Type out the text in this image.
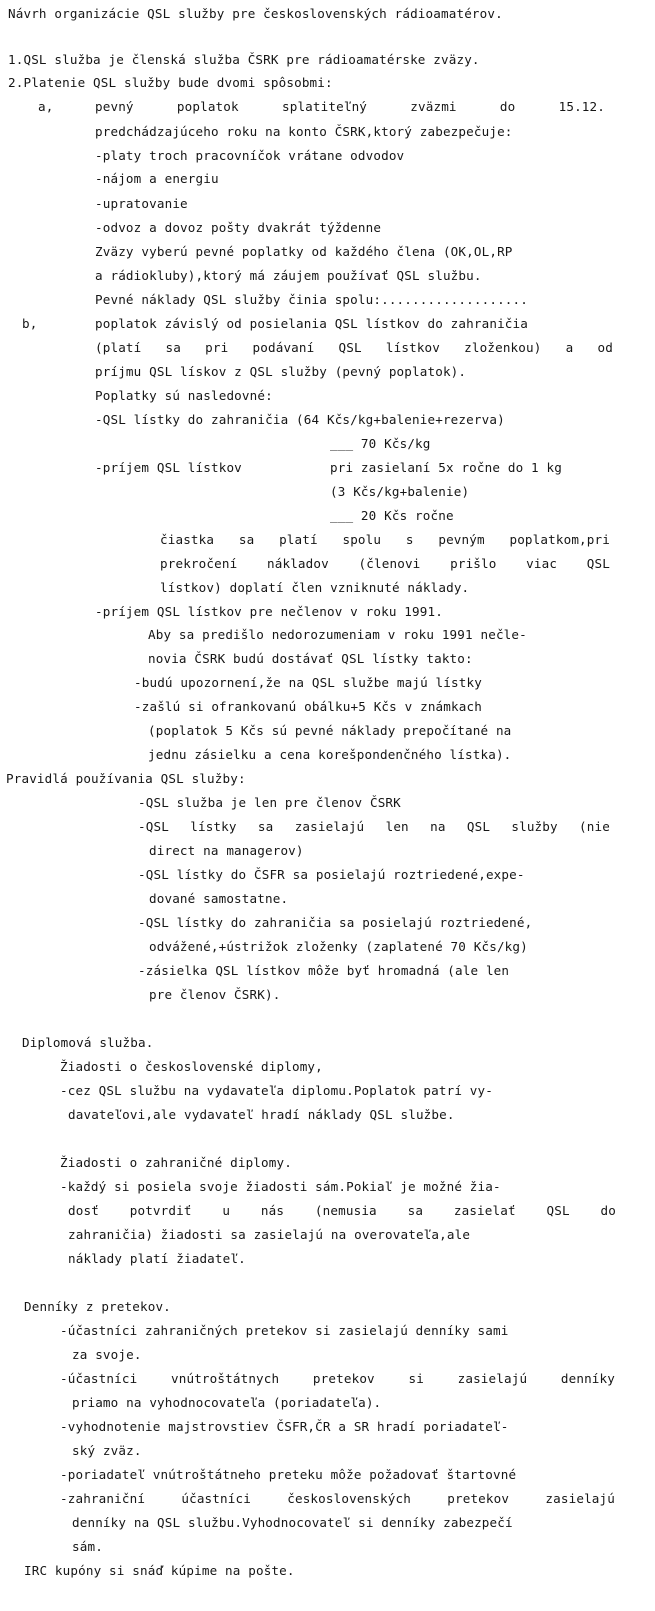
Návrh organizácie QSL služby pre československých rádioamatérov.

1.QSL služba je členská služba ČSRK pre rádioamatérske zväzy.

2.Platenie QSL služby bude dvomi spôsobmi:

a,	pevný poplatok splatiteľný zväzmi do 15.12.

predchádzajúceho roku na konto ČSRK,ktorý zabezpečuje:

-platy troch pracovníčok vrátane odvodov

-nájom a energiu

-upratovanie

-odvoz a dovoz pošty dvakrát týždenne

Zväzy vyberú pevné poplatky od každého člena (OK,OL,RP

a rádiokluby),ktorý má záujem používať QSL službu.

Pevné náklady QSL služby činia spolu:...................

b,	poplatok závislý od posielania QSL lístkov do zahraničia

(platí sa pri podávaní QSL lístkov zloženkou) a od

príjmu QSL lískov z QSL služby (pevný poplatok).

Poplatky sú nasledovné:

-QSL lístky do zahraničia (64 Kčs/kg+balenie+rezerva)

___ 70 Kčs/kg

-príjem QSL lístkov	pri zasielaní 5x ročne do 1 kg

(3 Kčs/kg+balenie)

___ 20 Kčs ročne

čiastka sa platí spolu s pevným poplatkom,pri

prekročení nákladov (členovi prišlo viac QSL

lístkov) doplatí člen vzniknuté náklady.

-príjem QSL lístkov pre nečlenov v roku 1991.

Aby sa predišlo nedorozumeniam v roku 1991 nečle-

novia ČSRK budú dostávať QSL lístky takto:

-budú upozornení,že na QSL službe majú lístky

-zašlú si ofrankovanú obálku+5 Kčs v známkach

(poplatok 5 Kčs sú pevné náklady prepočítané na

jednu zásielku a cena korešpondenčného lístka).

Pravidlá používania QSL služby:

-QSL služba je len pre členov ČSRK

-QSL lístky sa zasielajú len na QSL služby (nie

direct na managerov)

-QSL lístky do ČSFR sa posielajú roztriedené,expe-

dované samostatne.

-QSL lístky do zahraničia sa posielajú roztriedené,

odvážené,+ústrižok zloženky (zaplatené 70 Kčs/kg)

-zásielka QSL lístkov môže byť hromadná (ale len

pre členov ČSRK).

Diplomová služba.

Žiadosti o československé diplomy,

-cez QSL službu na vydavateľa diplomu.Poplatok patrí vy-

davateľovi,ale vydavateľ hradí náklady QSL službe.

Žiadosti o zahraničné diplomy.

-každý si posiela svoje žiadosti sám.Pokiaľ je možné žia-

dosť potvrdiť u nás (nemusia sa zasielať QSL do

zahraničia) žiadosti sa zasielajú na overovateľa,ale

náklady platí žiadateľ.

Denníky z pretekov.

-účastníci zahraničných pretekov si zasielajú denníky sami

za svoje.

-účastníci vnútroštátnych pretekov si zasielajú denníky

priamo na vyhodnocovateľa (poriadateľa).

-vyhodnotenie majstrovstiev ČSFR,ČR a SR hradí poriadateľ-

ský zväz.

-poriadateľ vnútroštátneho preteku môže požadovať štartovné

-zahraniční účastníci československých pretekov zasielajú

denníky na QSL službu.Vyhodnocovateľ si denníky zabezpečí

sám.

IRC kupóny si snáď kúpime na pošte.
